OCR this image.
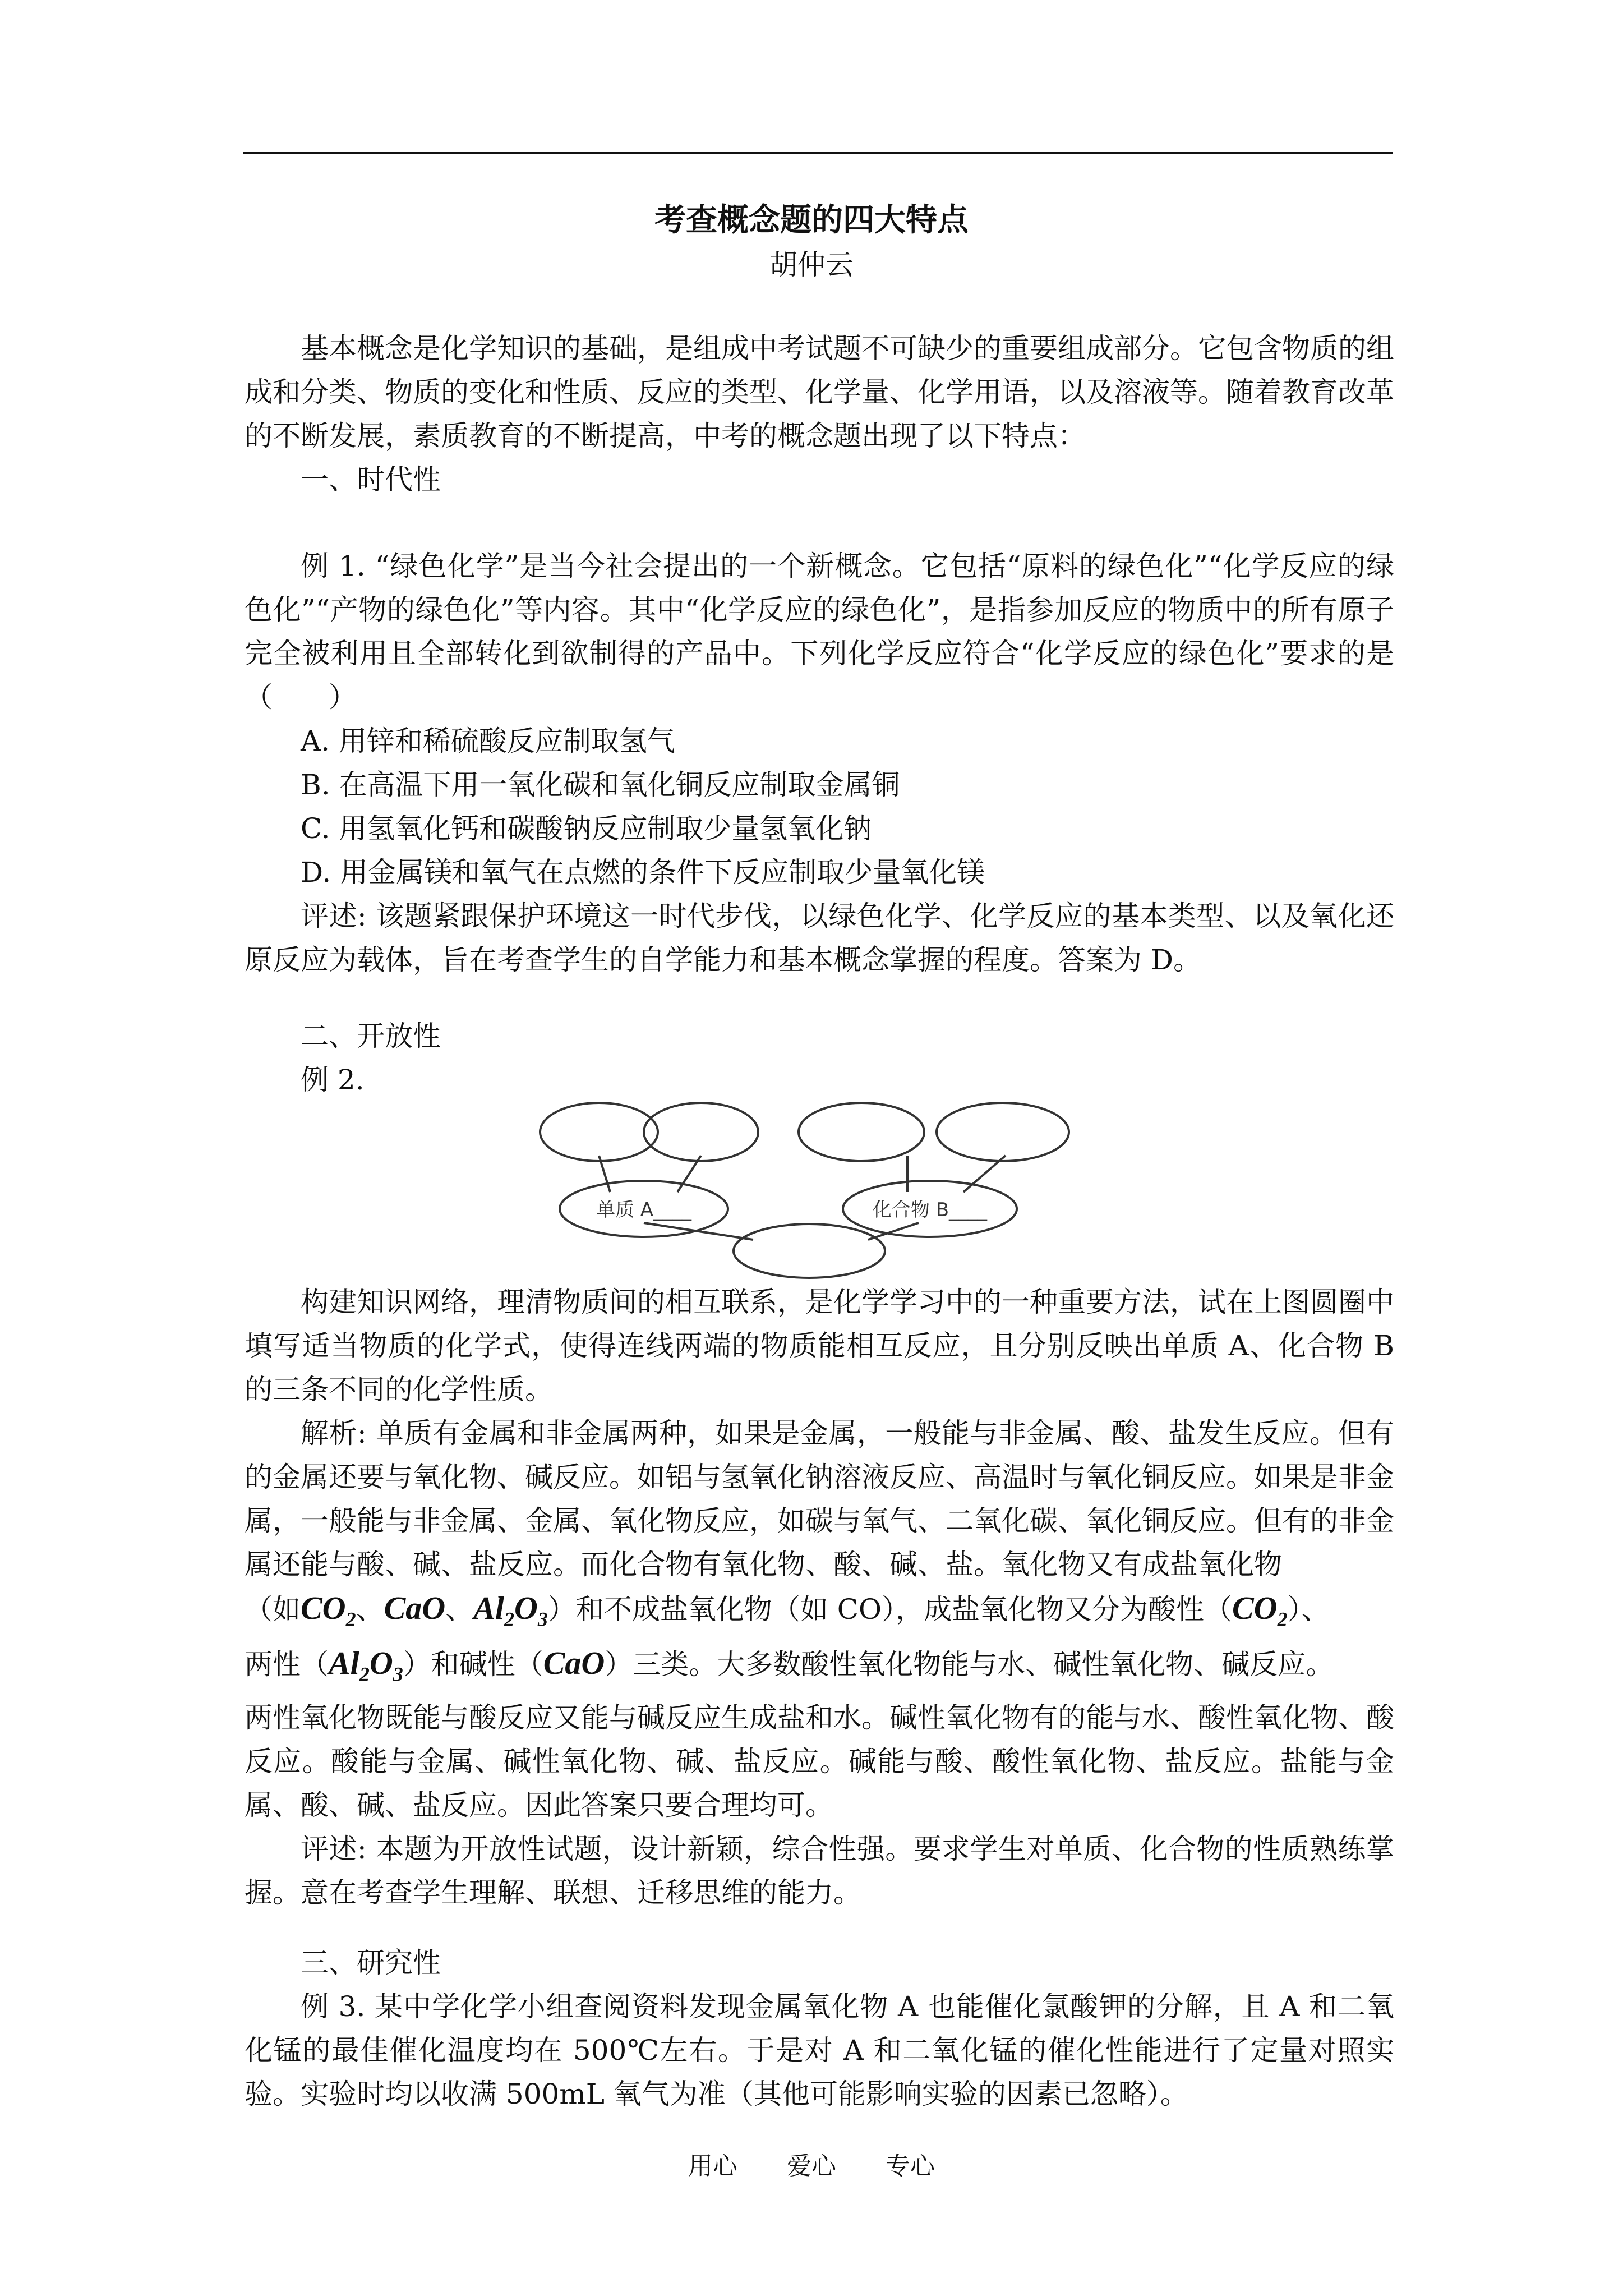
考查概念题的四大特点
胡仲云

基本概念是化学知识的基础，是组成中考试题不可缺少的重要组成部分。它包含物质的组成和分类、物质的变化和性质、反应的类型、化学量、化学用语，以及溶液等。随着教育改革的不断发展，素质教育的不断提高，中考的概念题出现了以下特点：

一、时代性

例 1. “绿色化学”是当今社会提出的一个新概念。它包括“原料的绿色化”“化学反应的绿色化”“产物的绿色化”等内容。其中“化学反应的绿色化”，是指参加反应的物质中的所有原子完全被利用且全部转化到欲制得的产品中。下列化学反应符合“化学反应的绿色化”要求的是（　　）

A. 用锌和稀硫酸反应制取氢气

B. 在高温下用一氧化碳和氧化铜反应制取金属铜

C. 用氢氧化钙和碳酸钠反应制取少量氢氧化钠

D. 用金属镁和氧气在点燃的条件下反应制取少量氧化镁

评述: 该题紧跟保护环境这一时代步伐，以绿色化学、化学反应的基本类型、以及氧化还原反应为载体，旨在考查学生的自学能力和基本概念掌握的程度。答案为 D。

二、开放性

例 2.

单质 A____	化合物 B____

构建知识网络，理清物质间的相互联系，是化学学习中的一种重要方法，试在上图圆圈中填写适当物质的化学式，使得连线两端的物质能相互反应，且分别反映出单质 A、化合物 B 的三条不同的化学性质。

解析: 单质有金属和非金属两种，如果是金属，一般能与非金属、酸、盐发生反应。但有的金属还要与氧化物、碱反应。如铝与氢氧化钠溶液反应、高温时与氧化铜反应。如果是非金属，一般能与非金属、金属、氧化物反应，如碳与氧气、二氧化碳、氧化铜反应。但有的非金属还能与酸、碱、盐反应。而化合物有氧化物、酸、碱、盐。氧化物又有成盐氧化物

（如$CO_2$、CaO、$Al_2O_3$）和不成盐氧化物（如 CO），成盐氧化物又分为酸性$(CO_2)$、

两性$(Al_2O_3)$和碱性（CaO）三类。大多数酸性氧化物能与水、碱性氧化物、碱反应。

两性氧化物既能与酸反应又能与碱反应生成盐和水。碱性氧化物有的能与水、酸性氧化物、酸反应。酸能与金属、碱性氧化物、碱、盐反应。碱能与酸、酸性氧化物、盐反应。盐能与金属、酸、碱、盐反应。因此答案只要合理均可。

评述: 本题为开放性试题，设计新颖，综合性强。要求学生对单质、化合物的性质熟练掌握。意在考查学生理解、联想、迁移思维的能力。

三、研究性

例 3. 某中学化学小组查阅资料发现金属氧化物 A 也能催化氯酸钾的分解，且 A 和二氧化锰的最佳催化温度均在 500℃左右。于是对 A 和二氧化锰的催化性能进行了定量对照实验。实验时均以收满 500mL 氧气为准（其他可能影响实验的因素已忽略）。

用心　　爱心　　专心
